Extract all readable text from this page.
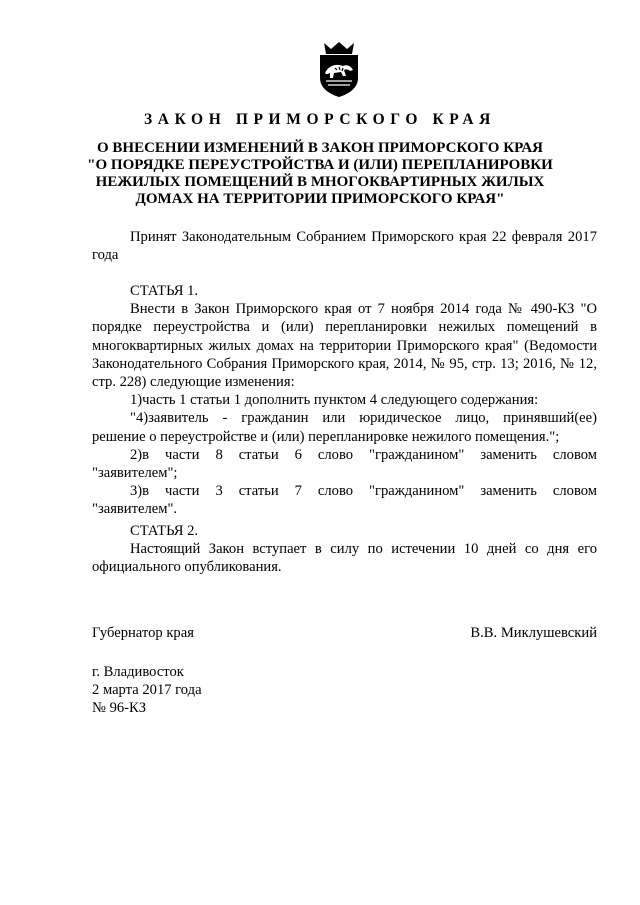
ЗАКОН ПРИМОРСКОГО КРАЯ
О ВНЕСЕНИИ ИЗМЕНЕНИЙ В ЗАКОН ПРИМОРСКОГО КРАЯ
"О ПОРЯДКЕ ПЕРЕУСТРОЙСТВА И (ИЛИ) ПЕРЕПЛАНИРОВКИ
НЕЖИЛЫХ ПОМЕЩЕНИЙ В МНОГОКВАРТИРНЫХ ЖИЛЫХ
ДОМАХ НА ТЕРРИТОРИИ ПРИМОРСКОГО КРАЯ"
Принят Законодательным Собранием Приморского края 22 февраля 2017 года
СТАТЬЯ 1.
Внести в Закон Приморского края от 7 ноября 2014 года № 490-КЗ "О порядке переустройства и (или) перепланировки нежилых помещений в многоквартирных жилых домах на территории Приморского края" (Ведомости Законодательного Собрания Приморского края, 2014, № 95, стр. 13; 2016, № 12, стр. 228) следующие изменения:
1)часть 1 статьи 1 дополнить пунктом 4 следующего содержания:
"4)заявитель - гражданин или юридическое лицо, принявший(ее)
решение о переустройстве и (или) перепланировке нежилого помещения.";
2)в части 8 статьи 6 слово "гражданином" заменить словом
"заявителем";
3)в части 3 статьи 7 слово "гражданином" заменить словом
"заявителем".
СТАТЬЯ 2.
Настоящий Закон вступает в силу по истечении 10 дней со дня его официального опубликования.
Губернатор края	В.В. Миклушевский
г. Владивосток
2 марта 2017 года
№ 96-КЗ
